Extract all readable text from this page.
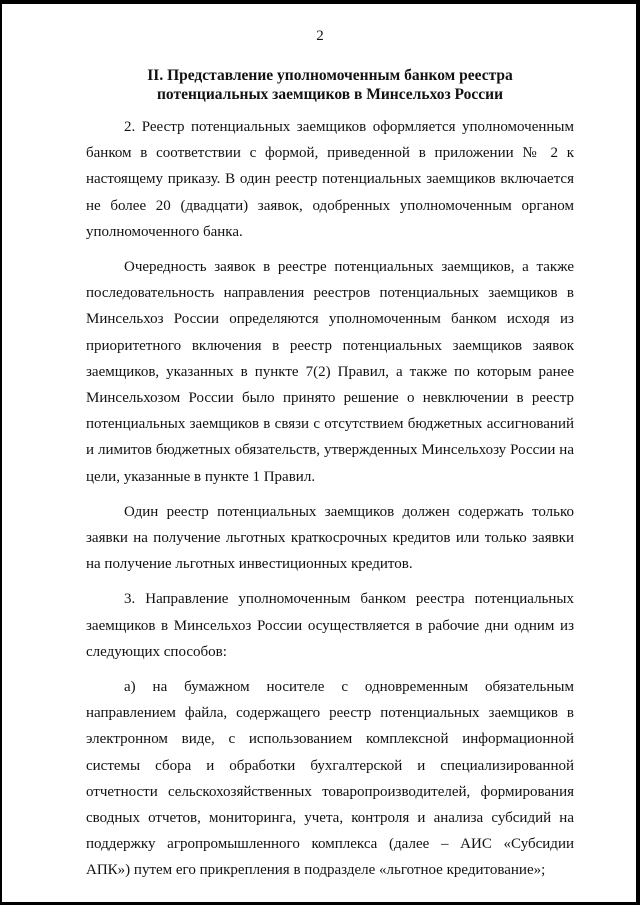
2
II. Представление уполномоченным банком реестра
потенциальных заемщиков в Минсельхоз России

2. Реестр потенциальных заемщиков оформляется уполномоченным банком в соответствии с формой, приведенной в приложении № 2 к настоящему приказу. В один реестр потенциальных заемщиков включается не более 20 (двадцати) заявок, одобренных уполномоченным органом уполномоченного банка.

Очередность заявок в реестре потенциальных заемщиков, а также последовательность направления реестров потенциальных заемщиков в Минсельхоз России определяются уполномоченным банком исходя из приоритетного включения в реестр потенциальных заемщиков заявок заемщиков, указанных в пункте 7(2) Правил, а также по которым ранее Минсельхозом России было принято решение о невключении в реестр потенциальных заемщиков в связи с отсутствием бюджетных ассигнований и лимитов бюджетных обязательств, утвержденных Минсельхозу России на цели, указанные в пункте 1 Правил.

Один реестр потенциальных заемщиков должен содержать только заявки на получение льготных краткосрочных кредитов или только заявки на получение льготных инвестиционных кредитов.

3. Направление уполномоченным банком реестра потенциальных заемщиков в Минсельхоз России осуществляется в рабочие дни одним из следующих способов:

а) на бумажном носителе с одновременным обязательным направлением файла, содержащего реестр потенциальных заемщиков в электронном виде, с использованием комплексной информационной системы сбора и обработки бухгалтерской и специализированной отчетности сельскохозяйственных товаропроизводителей, формирования сводных отчетов, мониторинга, учета, контроля и анализа субсидий на поддержку агропромышленного комплекса (далее – АИС «Субсидии АПК») путем его прикрепления в подразделе «льготное кредитование»;
